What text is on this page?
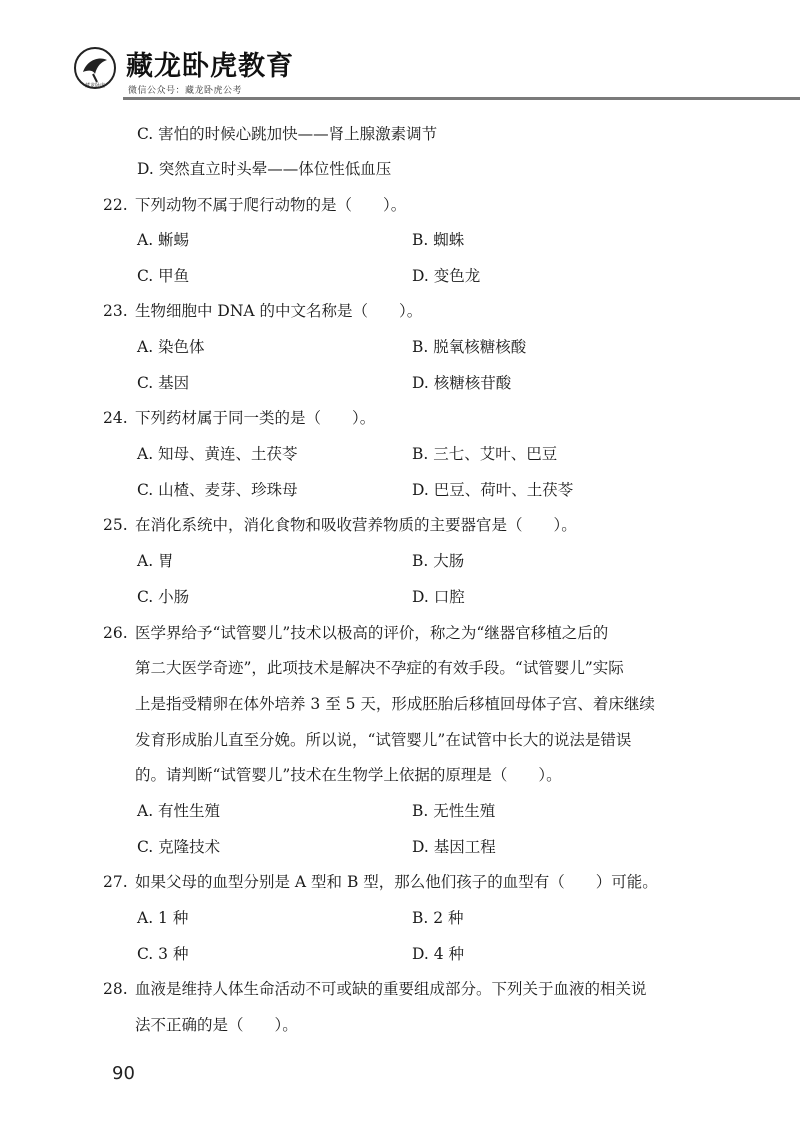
藏龙卧虎
藏龙卧虎教育
微信公众号：藏龙卧虎公考
C. 害怕的时候心跳加快——肾上腺激素调节
D. 突然直立时头晕——体位性低血压
22. 下列动物不属于爬行动物的是（　　）。
A. 蜥蜴	B. 蜘蛛
C. 甲鱼	D. 变色龙
23. 生物细胞中 DNA 的中文名称是（　　）。
A. 染色体	B. 脱氧核糖核酸
C. 基因	D. 核糖核苷酸
24. 下列药材属于同一类的是（　　）。
A. 知母、黄连、土茯苓	B. 三七、艾叶、巴豆
C. 山楂、麦芽、珍珠母	D. 巴豆、荷叶、土茯苓
25. 在消化系统中，消化食物和吸收营养物质的主要器官是（　　）。
A. 胃	B. 大肠
C. 小肠	D. 口腔
26. 医学界给予“试管婴儿”技术以极高的评价，称之为“继器官移植之后的
第二大医学奇迹”，此项技术是解决不孕症的有效手段。“试管婴儿”实际
上是指受精卵在体外培养 3 至 5 天，形成胚胎后移植回母体子宫、着床继续
发育形成胎儿直至分娩。所以说，“试管婴儿”在试管中长大的说法是错误
的。请判断“试管婴儿”技术在生物学上依据的原理是（　　）。
A. 有性生殖	B. 无性生殖
C. 克隆技术	D. 基因工程
27. 如果父母的血型分别是 A 型和 B 型，那么他们孩子的血型有（　　）可能。
A. 1 种	B. 2 种
C. 3 种	D. 4 种
28. 血液是维持人体生命活动不可或缺的重要组成部分。下列关于血液的相关说
法不正确的是（　　）。
90
